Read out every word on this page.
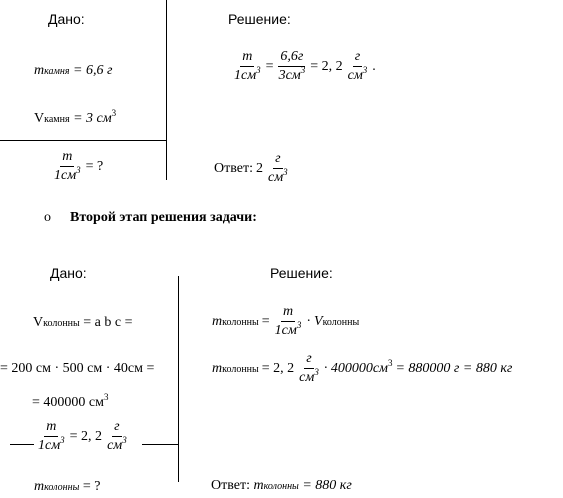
Дано:	Решение:
mкамня = 6,6 г
Vкамня = 3 $см^3$
$\frac{m}{1см^3}$ = ?
$\frac{m}{1см^3} = \frac{6,6г}{3см^3} = 2$, $2 \frac{г}{см^3}$ .
Ответ: $2 \frac{г}{см^3}$
o Второй этап решения задачи:
Дано:	Решение:
Vколонны = a b c =
= 200 см · 500 см · 40см =
= 400000 $см^3$
$\frac{m}{1см^3} = 2$, $2 \frac{г}{см^3}$
mколонны = ?
mколонны = $\frac{m}{1см^3}$ · Vколонны
mколонны = 2, $2 \frac{г}{см^3} \cdot 400000см^3 = 880000$ г = 880 кг
Ответ: mколонны = 880 кг
